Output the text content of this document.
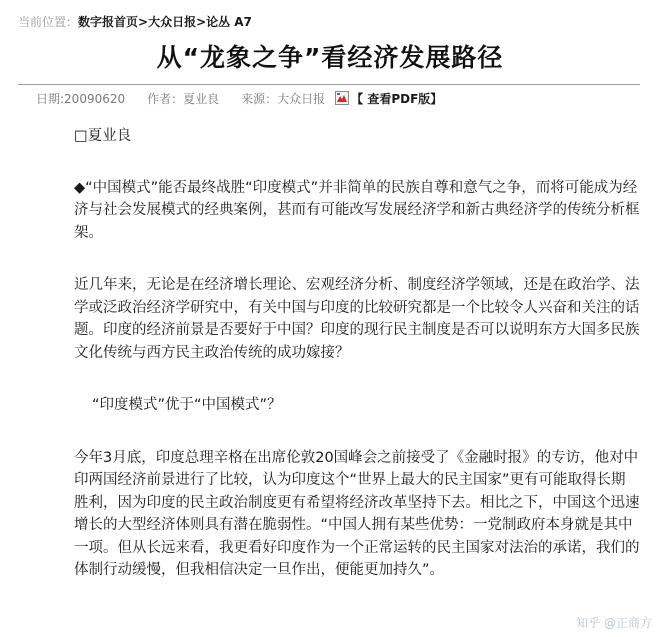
当前位置：数字报首页>大众日报>论丛 A7
从“龙象之争”看经济发展路径
日期:20090620 作者：夏业良 来源：大众日报 【 查看PDF版】

□夏业良

◆“中国模式”能否最终战胜“印度模式”并非简单的民族自尊和意气之争，而将可能成为经济与社会发展模式的经典案例，甚而有可能改写发展经济学和新古典经济学的传统分析框架。

近几年来，无论是在经济增长理论、宏观经济分析、制度经济学领域，还是在政治学、法学或泛政治经济学研究中，有关中国与印度的比较研究都是一个比较令人兴奋和关注的话题。印度的经济前景是否要好于中国？印度的现行民主制度是否可以说明东方大国多民族文化传统与西方民主政治传统的成功嫁接？

“印度模式”优于“中国模式”？

今年3月底，印度总理辛格在出席伦敦20国峰会之前接受了《金融时报》的专访，他对中印两国经济前景进行了比较，认为印度这个“世界上最大的民主国家”更有可能取得长期胜利，因为印度的民主政治制度更有希望将经济改革坚持下去。相比之下，中国这个迅速增长的大型经济体则具有潜在脆弱性。“中国人拥有某些优势：一党制政府本身就是其中一项。但从长远来看，我更看好印度作为一个正常运转的民主国家对法治的承诺，我们的体制行动缓慢，但我相信决定一旦作出，便能更加持久”。

知乎 @正商方
